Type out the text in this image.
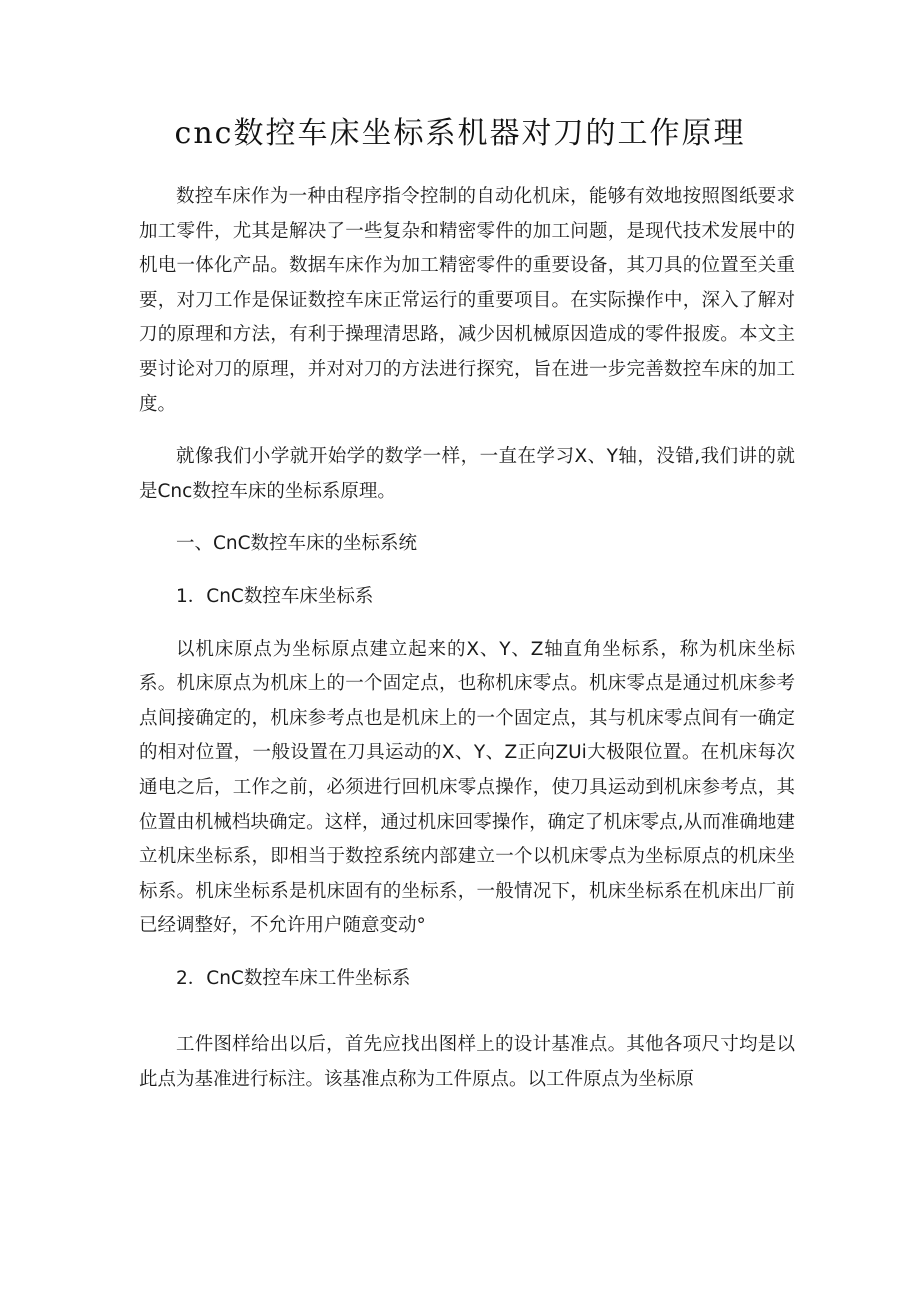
cnc数控车床坐标系机器对刀的工作原理

数控车床作为一种由程序指令控制的自动化机床，能够有效地按照图纸要求加工零件，尤其是解决了一些复杂和精密零件的加工问题，是现代技术发展中的机电一体化产品。数据车床作为加工精密零件的重要设备，其刀具的位置至关重要，对刀工作是保证数控车床正常运行的重要项目。在实际操作中，深入了解对刀的原理和方法，有利于操理清思路，减少因机械原因造成的零件报废。本文主要讨论对刀的原理，并对对刀的方法进行探究，旨在进一步完善数控车床的加工度。

就像我们小学就开始学的数学一样，一直在学习X、Y轴，没错,我们讲的就是Cnc数控车床的坐标系原理。

一、CnC数控车床的坐标系统

1．CnC数控车床坐标系

以机床原点为坐标原点建立起来的X、Y、Z轴直角坐标系，称为机床坐标系。机床原点为机床上的一个固定点，也称机床零点。机床零点是通过机床参考点间接确定的，机床参考点也是机床上的一个固定点，其与机床零点间有一确定的相对位置，一般设置在刀具运动的X、Y、Z正向ZUi大极限位置。在机床每次通电之后，工作之前，必须进行回机床零点操作，使刀具运动到机床参考点，其位置由机械档块确定。这样，通过机床回零操作，确定了机床零点,从而准确地建立机床坐标系，即相当于数控系统内部建立一个以机床零点为坐标原点的机床坐标系。机床坐标系是机床固有的坐标系，一般情况下，机床坐标系在机床出厂前已经调整好，不允许用户随意变动°

2．CnC数控车床工件坐标系

工件图样给出以后，首先应找出图样上的设计基准点。其他各项尺寸均是以此点为基准进行标注。该基准点称为工件原点。以工件原点为坐标原
